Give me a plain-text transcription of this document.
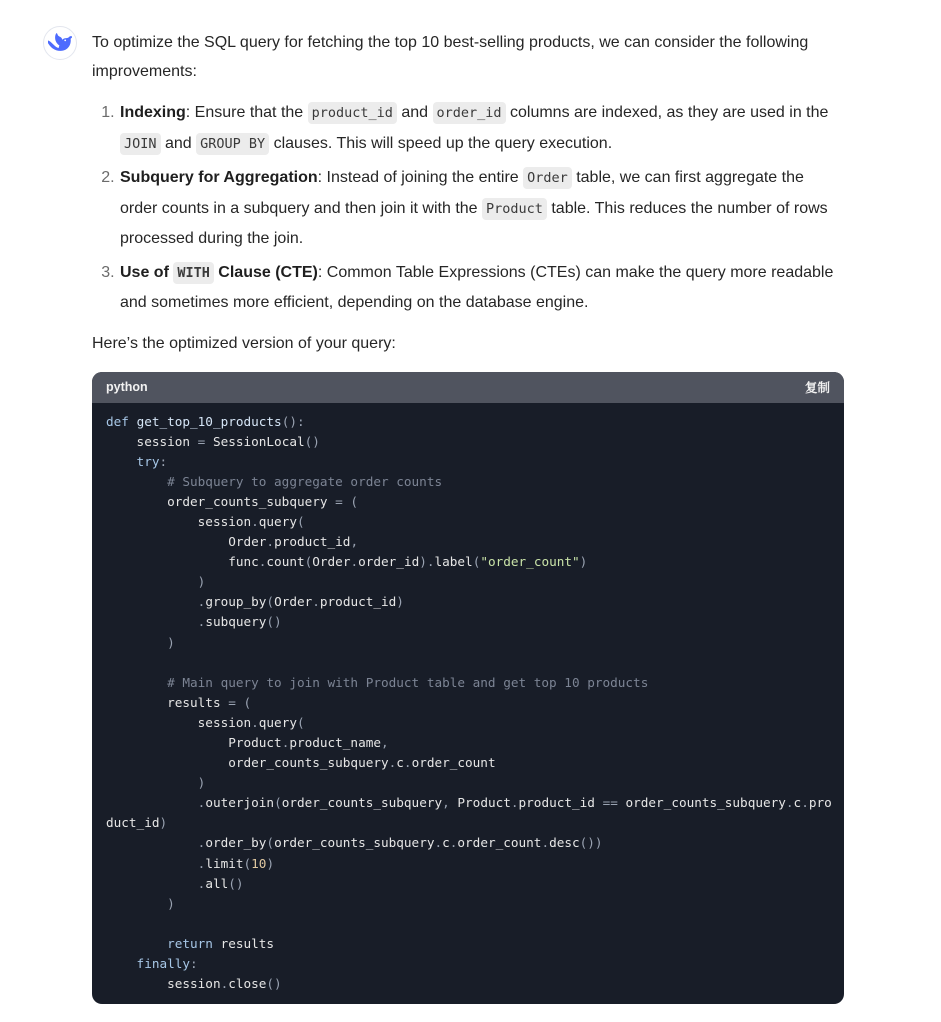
To optimize the SQL query for fetching the top 10 best-selling products, we can consider the following improvements:

1. Indexing: Ensure that the product_id and order_id columns are indexed, as they are used in the JOIN and GROUP BY clauses. This will speed up the query execution.
2. Subquery for Aggregation: Instead of joining the entire Order table, we can first aggregate the order counts in a subquery and then join it with the Product table. This reduces the number of rows processed during the join.
3. Use of WITH Clause (CTE): Common Table Expressions (CTEs) can make the query more readable and sometimes more efficient, depending on the database engine.

Here’s the optimized version of your query:

python	复制
def get_top_10_products():
session = SessionLocal()
try:
# Subquery to aggregate order counts
order_counts_subquery = (
session.query(
Order.product_id,
func.count(Order.order_id).label("order_count")
)
.group_by(Order.product_id)
.subquery()
)
# Main query to join with Product table and get top 10 products
results = (
session.query(
Product.product_name,
order_counts_subquery.c.order_count
)
.outerjoin(order_counts_subquery, Product.product_id == order_counts_subquery.c.pro
duct_id)
.order_by(order_counts_subquery.c.order_count.desc())
.limit(10)
.all()
)
return results
finally:
session.close()
